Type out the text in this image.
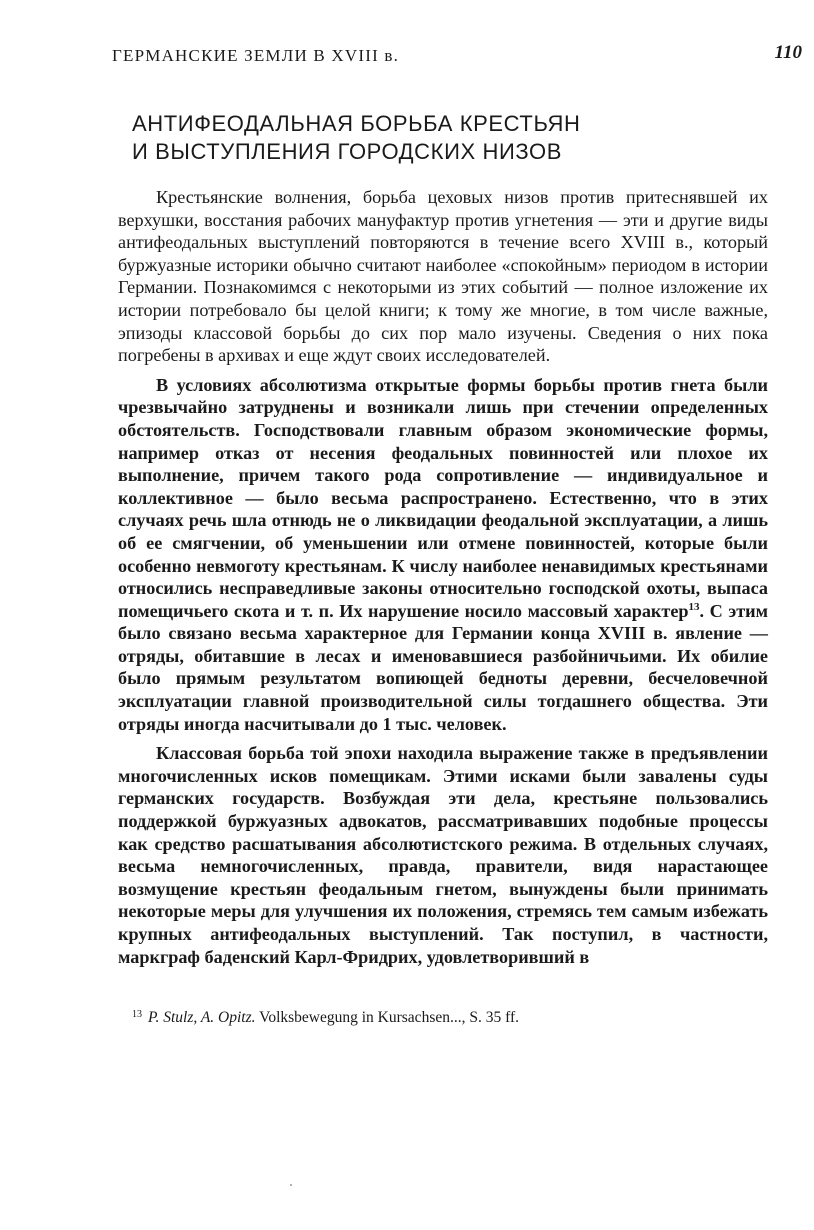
ГЕРМАНСКИЕ ЗЕМЛИ В XVIII в.	110
АНТИФЕОДАЛЬНАЯ БОРЬБА КРЕСТЬЯН
И ВЫСТУПЛЕНИЯ ГОРОДСКИХ НИЗОВ

Крестьянские волнения, борьба цеховых низов против притеснявшей их верхушки, восстания рабочих мануфактур против угнетения — эти и другие виды антифеодальных выступлений повторяются в течение всего XVIII в., который буржуазные историки обычно считают наиболее «спокойным» периодом в истории Германии. Познакомимся с некоторыми из этих событий — полное изложение их истории потребовало бы целой книги; к тому же многие, в том числе важные, эпизоды классовой борьбы до сих пор мало изучены. Сведения о них пока погребены в архивах и еще ждут своих исследователей.

В условиях абсолютизма открытые формы борьбы против гнета были чрезвычайно затруднены и возникали лишь при стечении определенных обстоятельств. Господствовали главным образом экономические формы, например отказ от несения феодальных повинностей или плохое их выполнение, причем такого рода сопротивление — индивидуальное и коллективное — было весьма распространено. Естественно, что в этих случаях речь шла отнюдь не о ликвидации феодальной эксплуатации, а лишь об ее смягчении, об уменьшении или отмене повинностей, которые были особенно невмоготу крестьянам. К числу наиболее ненавидимых крестьянами относились несправедливые законы относительно господской охоты, выпаса помещичьего скота и т. п. Их нарушение носило массовый характер$^{13}$. С этим было связано весьма характерное для Германии конца XVIII в. явление — отряды, обитавшие в лесах и именовавшиеся разбойничьими. Их обилие было прямым результатом вопиющей бедноты деревни, бесчеловечной эксплуатации главной производительной силы тогдашнего общества. Эти отряды иногда насчитывали до 1 тыс. человек.

Классовая борьба той эпохи находила выражение также в предъявлении многочисленных исков помещикам. Этими исками были завалены суды германских государств. Возбуждая эти дела, крестьяне пользовались поддержкой буржуазных адвокатов, рассматривавших подобные процессы как средство расшатывания абсолютистского режима. В отдельных случаях, весьма немногочисленных, правда, правители, видя нарастающее возмущение крестьян феодальным гнетом, вынуждены были принимать некоторые меры для улучшения их положения, стремясь тем самым избежать крупных антифеодальных выступлений. Так поступил, в частности, маркграф баденский Карл-Фридрих, удовлетворивший в

$^{13}$ P. Stulz, A. Opitz. Volksbewegung in Kursachsen..., S. 35 ff.
